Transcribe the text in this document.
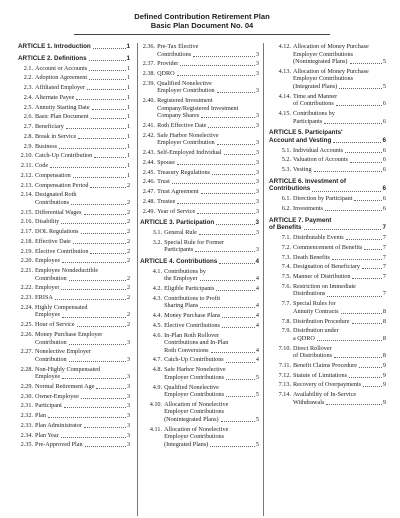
Defined Contribution Retirement Plan
Basic Plan Document No. 04
ARTICLE 1. Introduction	1
ARTICLE 2. Definitions	1
2.1. Account or Accounts	1
2.2. Adoption Agreement	1
2.3. Affiliated Employer	1
2.4. Alternate Payee	1
2.5. Annuity Starting Date	1
2.6. Basic Plan Document	1
2.7. Beneficiary	1
2.8. Break in Service	1
2.9. Business	1
2.10. Catch-Up Contribution	1
2.11. Code	1
2.12. Compensation	1
2.13. Compensation Period	2
2.14. Designated Roth
Contributions	2
2.15. Differential Wages	2
2.16. Disability	2
2.17. DOL Regulations	2
2.18. Effective Date	2
2.19. Elective Contribution	2
2.20. Employee	2
2.21. Employee Nondeductible
Contribution	2
2.22. Employer	2
2.23. ERISA	2
2.24. Highly Compensated
Employee	2
2.25. Hour of Service	2
2.26. Money Purchase Employer
Contribution	3
2.27. Nonelective Employer
Contribution	3
2.28. Non-Highly Compensated
Employee	3
2.29. Normal Retirement Age	3
2.30. Owner-Employee	3
2.31. Participant	3
2.32. Plan	3
2.33. Plan Administrator	3
2.34. Plan Year	3
2.35. Pre-Approved Plan	3
2.36. Pre-Tax Elective
Contributions	3
2.37. Provider	3
2.38. QDRO	3
2.39. Qualified Nonelective
Employer Contribution	3
2.40. Registered Investment
Company/Registered Investment
Company Shares	3
2.41. Roth Effective Date	3
2.42. Safe Harbor Nonelective
Employer Contribution	3
2.43. Self-Employed Individual	3
2.44. Spouse	3
2.45. Treasury Regulations	3
2.46. Trust	3
2.47. Trust Agreement	3
2.48. Trustee	3
2.49. Year of Service	3
ARTICLE 3. Participation	3
3.1. General Rule	3
3.2. Special Rule for Former
Participants	3
ARTICLE 4. Contributions	4
4.1. Contributions by
the Employer	4
4.2. Eligible Participants	4
4.3. Contributions to Profit
Sharing Plans	4
4.4. Money Purchase Plans	4
4.5. Elective Contributions	4
4.6. In-Plan Roth Rollover
Contributions and In-Plan
Roth Conversions	4
4.7. Catch-Up Contributions	4
4.8. Safe Harbor Nonelective
Employer Contributions	5
4.9. Qualified Nonelective
Employer Contributions	5
4.10. Allocation of Nonelective
Employer Contributions
(Nonintegrated Plans)	5
4.11. Allocation of Nonelective
Employer Contributions
(Integrated Plans)	5
4.12. Allocation of Money Purchase
Employer Contributions
(Nonintegrated Plans)	5
4.13. Allocation of Money Purchase
Employer Contributions
(Integrated Plans)	5
4.14. Time and Manner
of Contributions	6
4.15. Contributions by
Participants	6
ARTICLE 5. Participants'
Account and Vesting	6
5.1. Individual Accounts	6
5.2. Valuation of Accounts	6
5.3. Vesting	6
ARTICLE 6. Investment of
Contributions	6
6.1. Direction by Participant	6
6.2. Investments	6
ARTICLE 7. Payment
of Benefits	7
7.1. Distributable Events	7
7.2. Commencement of Benefits	7
7.3. Death Benefits	7
7.4. Designation of Beneficiary	7
7.5. Manner of Distribution	7
7.6. Restriction on Immediate
Distributions	7
7.7. Special Rules for
Annuity Contracts	8
7.8. Distribution Procedure	8
7.9. Distribution under
a QDRO	8
7.10. Direct Rollover
of Distributions	8
7.11. Benefit Claims Procedure	9
7.12. Statute of Limitations	9
7.13. Recovery of Overpayments	9
7.14. Availability of In-Service
Withdrawals	9
